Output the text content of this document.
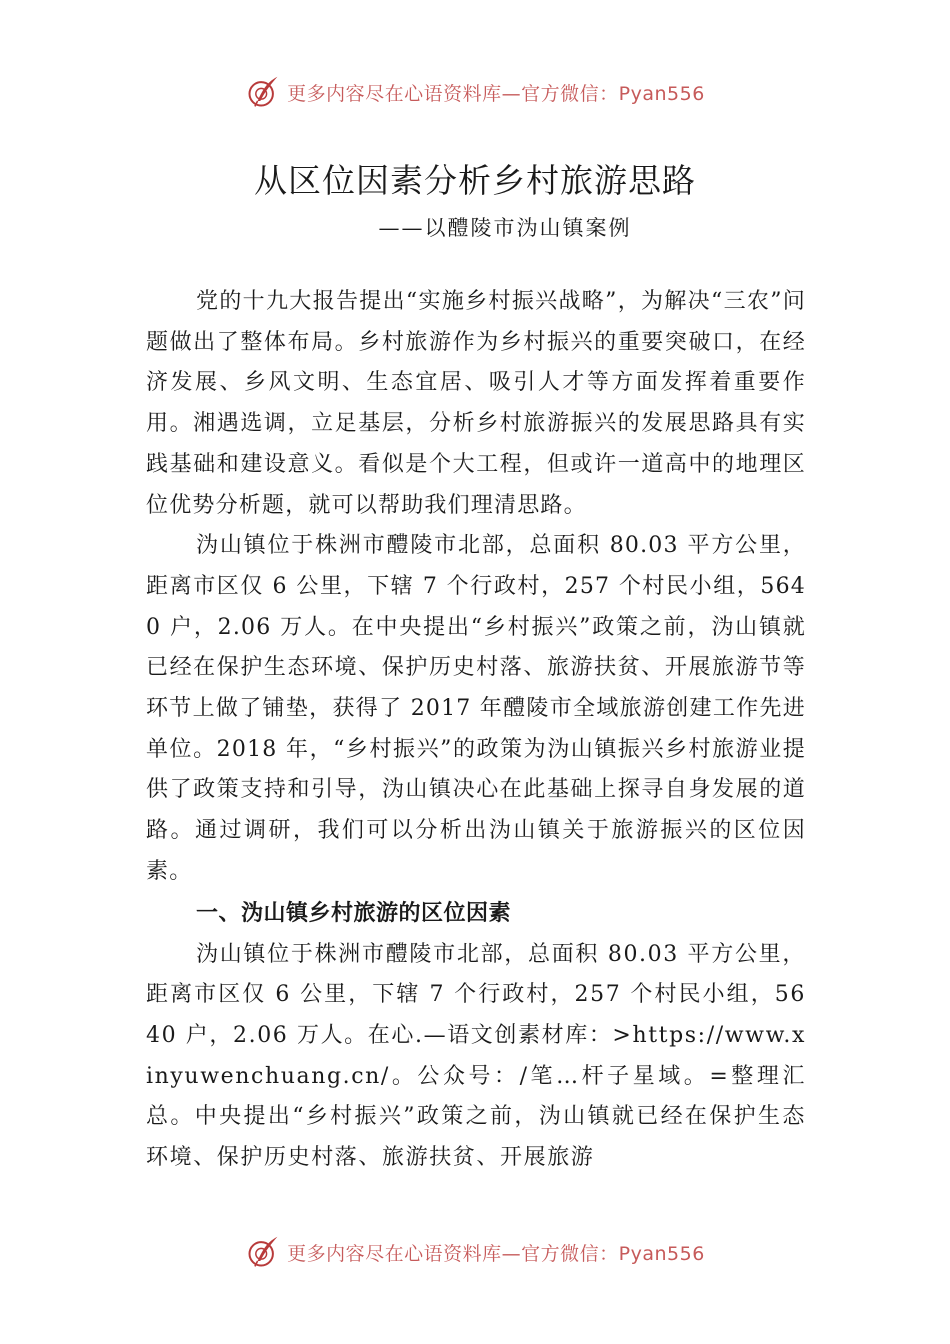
更多内容尽在心语资料库—官方微信：Pyan556
从区位因素分析乡村旅游思路

——以醴陵市沩山镇案例

党的十九大报告提出“实施乡村振兴战略”，为解决“三农”问题做出了整体布局。乡村旅游作为乡村振兴的重要突破口，在经济发展、乡风文明、生态宜居、吸引人才等方面发挥着重要作用。湘遇选调，立足基层，分析乡村旅游振兴的发展思路具有实践基础和建设意义。看似是个大工程，但或许一道高中的地理区位优势分析题，就可以帮助我们理清思路。

沩山镇位于株洲市醴陵市北部，总面积 80.03 平方公里，距离市区仅 6 公里，下辖 7 个行政村，257 个村民小组，5640 户，2.06 万人。在中央提出“乡村振兴”政策之前，沩山镇就已经在保护生态环境、保护历史村落、旅游扶贫、开展旅游节等环节上做了铺垫，获得了 2017 年醴陵市全域旅游创建工作先进单位。2018 年，“乡村振兴”的政策为沩山镇振兴乡村旅游业提供了政策支持和引导，沩山镇决心在此基础上探寻自身发展的道路。通过调研，我们可以分析出沩山镇关于旅游振兴的区位因素。

一、沩山镇乡村旅游的区位因素

沩山镇位于株洲市醴陵市北部，总面积 80.03 平方公里，距离市区仅 6 公里，下辖 7 个行政村，257 个村民小组，5640 户，2.06 万人。在心.—语文创素材库：>https://www.xinyuwenchuang.cn/。公众号：/笔…杆子星域。=整理汇总。中央提出“乡村振兴”政策之前，沩山镇就已经在保护生态环境、保护历史村落、旅游扶贫、开展旅游

更多内容尽在心语资料库—官方微信：Pyan556
